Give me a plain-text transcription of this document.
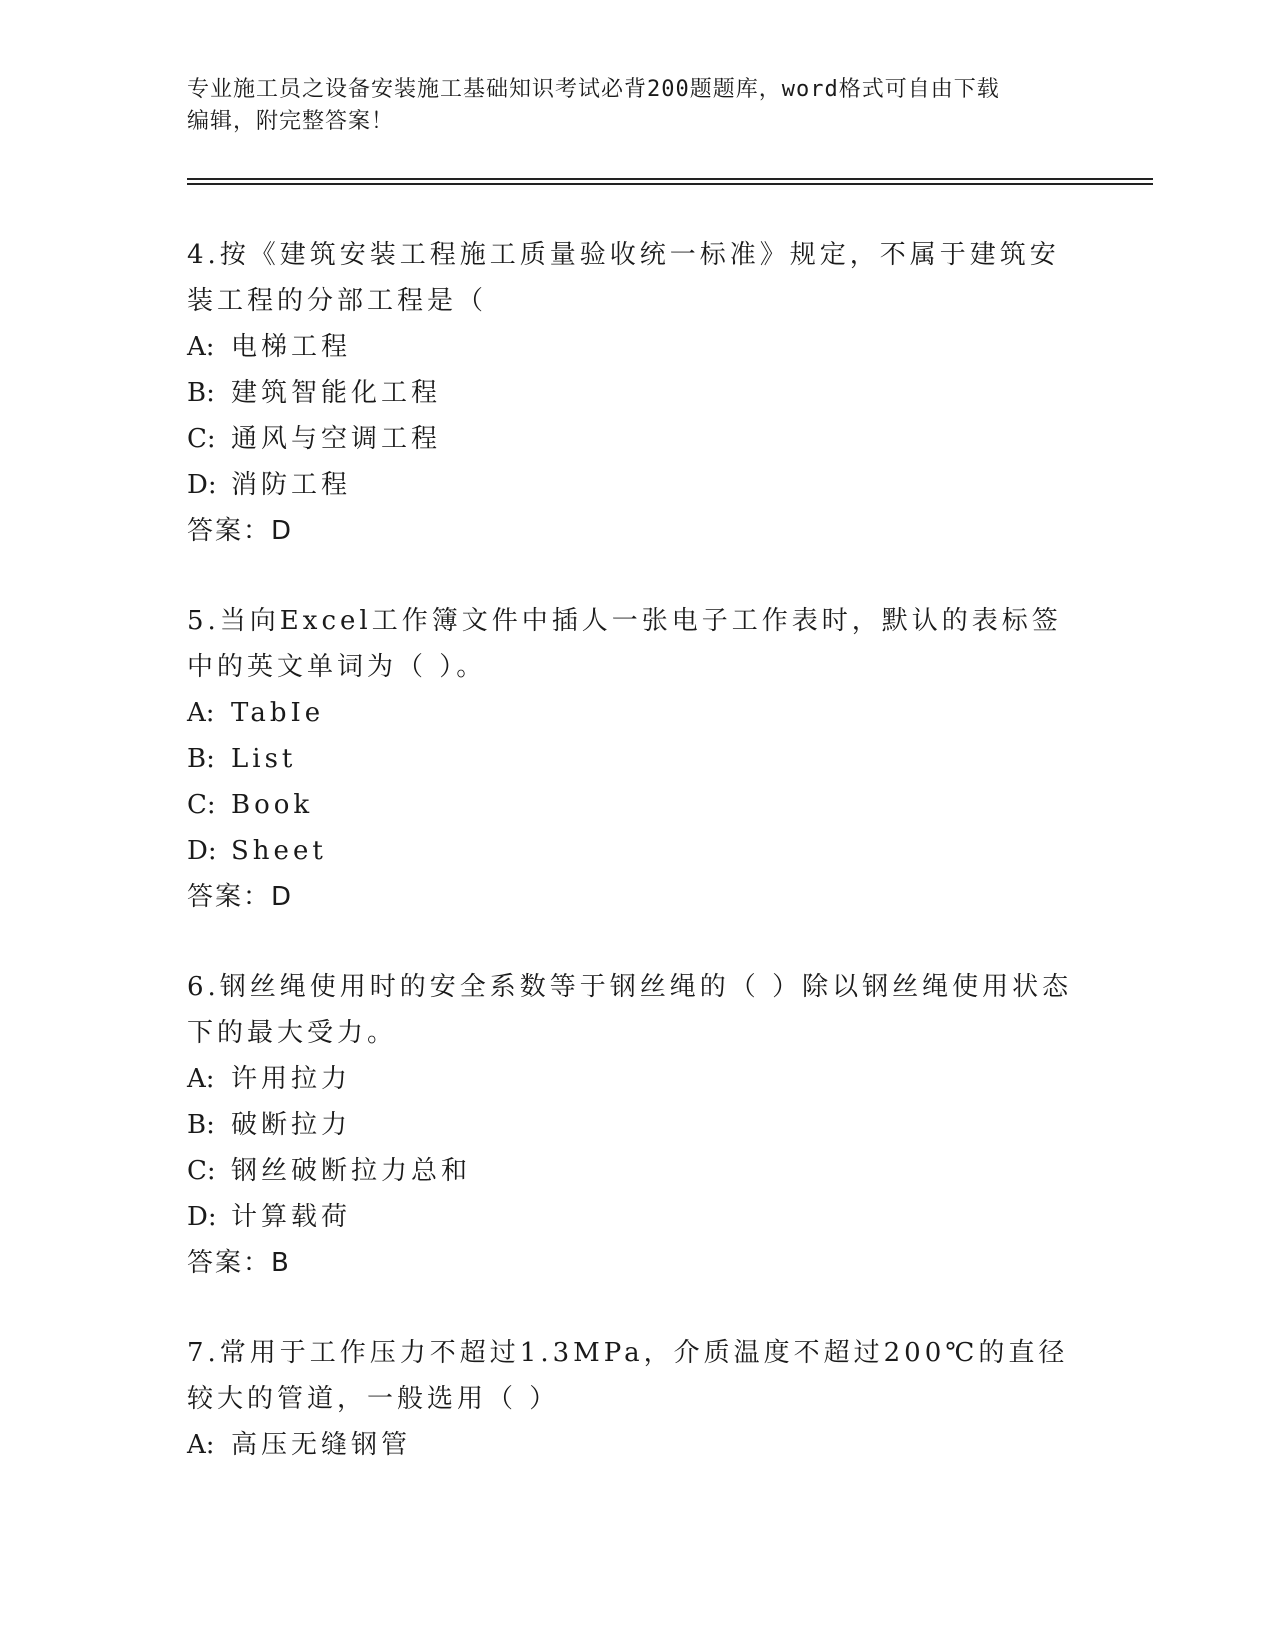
专业施工员之设备安装施工基础知识考试必背200题题库，word格式可自由下载
编辑，附完整答案！

4.按《建筑安装工程施工质量验收统一标准》规定，不属于建筑安装工程的分部工程是（

A: 电梯工程

B: 建筑智能化工程

C: 通风与空调工程

D: 消防工程

答案：D

5.当向Excel工作簿文件中插人一张电子工作表时，默认的表标签中的英文单词为（ ）。

A: TabIe

B: List

C: Book

D: Sheet

答案：D

6.钢丝绳使用时的安全系数等于钢丝绳的（ ）除以钢丝绳使用状态下的最大受力。

A: 许用拉力

B: 破断拉力

C: 钢丝破断拉力总和

D: 计算载荷

答案：B

7.常用于工作压力不超过1.3MPa，介质温度不超过200℃的直径较大的管道，一般选用（ ）

A: 高压无缝钢管
